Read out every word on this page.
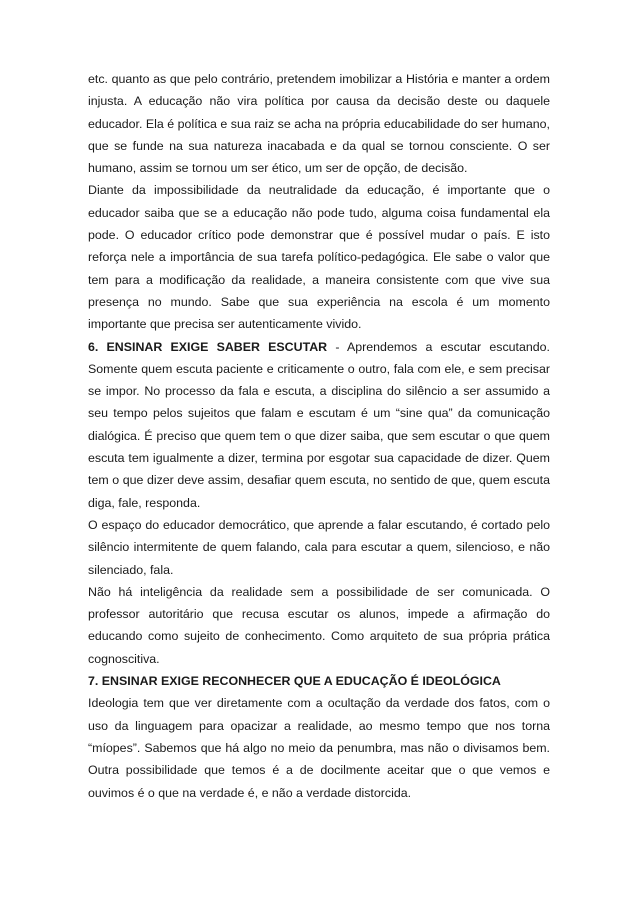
etc. quanto as que pelo contrário, pretendem imobilizar a História e manter a ordem injusta. A educação não vira política por causa da decisão deste ou daquele educador. Ela é política e sua raiz se acha na própria educabilidade do ser humano, que se funde na sua natureza inacabada e da qual se tornou consciente. O ser humano, assim se tornou um ser ético, um ser de opção, de decisão.

Diante da impossibilidade da neutralidade da educação, é importante que o educador saiba que se a educação não pode tudo, alguma coisa fundamental ela pode. O educador crítico pode demonstrar que é possível mudar o país. E isto reforça nele a importância de sua tarefa político-pedagógica. Ele sabe o valor que tem para a modificação da realidade, a maneira consistente com que vive sua presença no mundo. Sabe que sua experiência na escola é um momento importante que precisa ser autenticamente vivido.

6. ENSINAR EXIGE SABER ESCUTAR - Aprendemos a escutar escutando. Somente quem escuta paciente e criticamente o outro, fala com ele, e sem precisar se impor. No processo da fala e escuta, a disciplina do silêncio a ser assumido a seu tempo pelos sujeitos que falam e escutam é um “sine qua” da comunicação dialógica. É preciso que quem tem o que dizer saiba, que sem escutar o que quem escuta tem igualmente a dizer, termina por esgotar sua capacidade de dizer. Quem tem o que dizer deve assim, desafiar quem escuta, no sentido de que, quem escuta diga, fale, responda.

O espaço do educador democrático, que aprende a falar escutando, é cortado pelo silêncio intermitente de quem falando, cala para escutar a quem, silencioso, e não silenciado, fala.

Não há inteligência da realidade sem a possibilidade de ser comunicada. O professor autoritário que recusa escutar os alunos, impede a afirmação do educando como sujeito de conhecimento. Como arquiteto de sua própria prática cognoscitiva.

7. ENSINAR EXIGE RECONHECER QUE A EDUCAÇÃO É IDEOLÓGICA

Ideologia tem que ver diretamente com a ocultação da verdade dos fatos, com o uso da linguagem para opacizar a realidade, ao mesmo tempo que nos torna “míopes”. Sabemos que há algo no meio da penumbra, mas não o divisamos bem. Outra possibilidade que temos é a de docilmente aceitar que o que vemos e ouvimos é o que na verdade é, e não a verdade distorcida.
